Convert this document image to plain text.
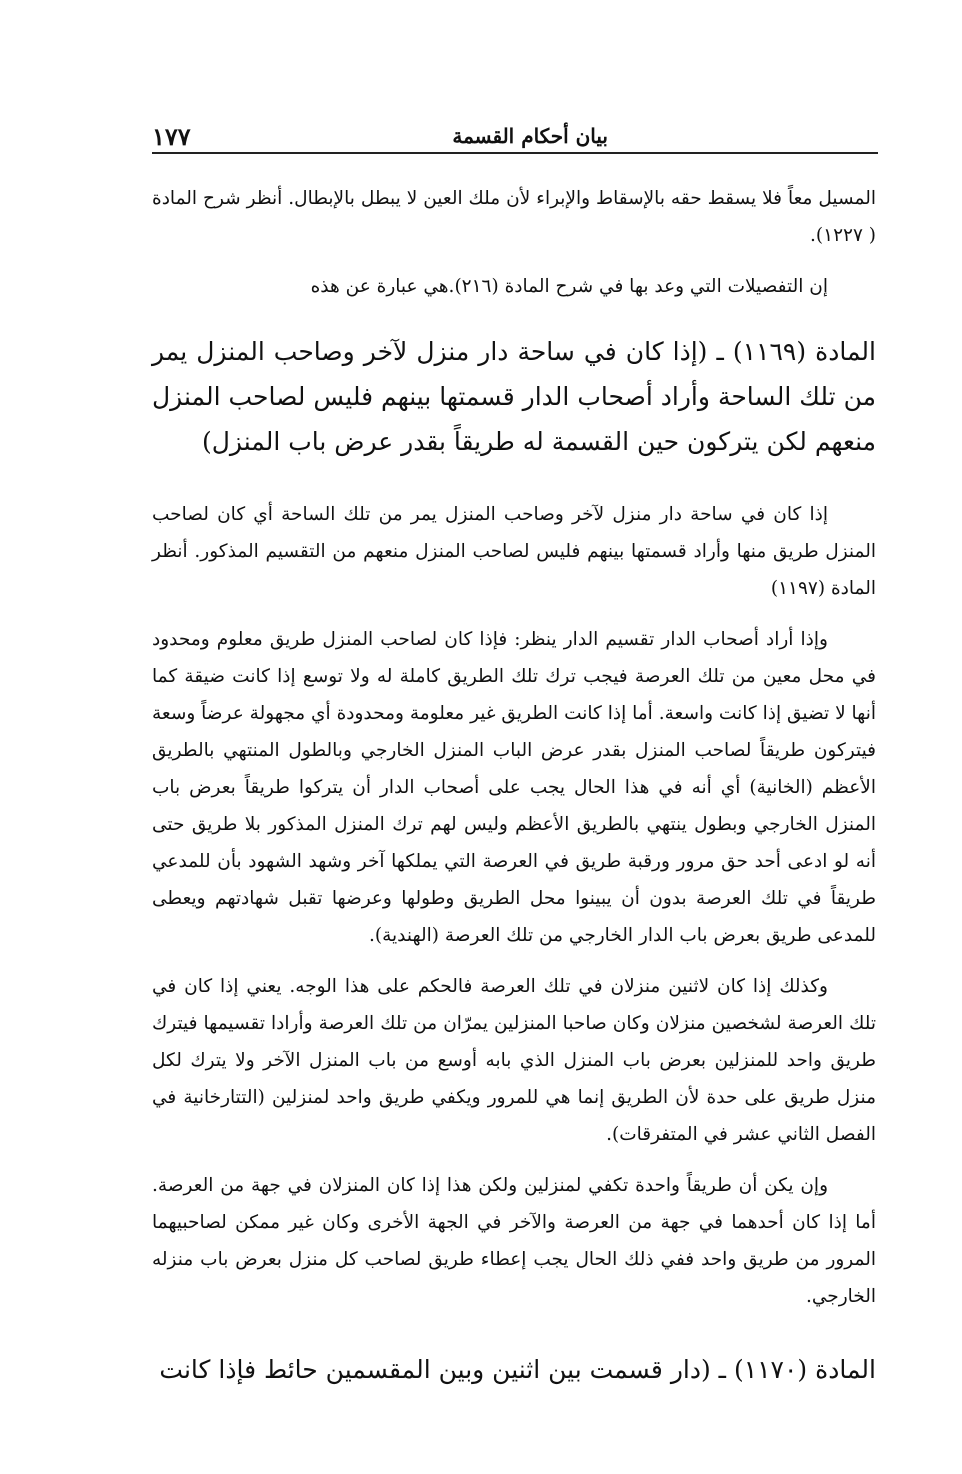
بيان أحكام القسمة
١٧٧

المسيل معاً فلا يسقط حقه بالإسقاط والإبراء لأن ملك العين لا يبطل بالإبطال. أنظر شرح المادة ( ١٢٢٧).

إن التفصيلات التي وعد بها في شرح المادة (٢١٦).هي عبارة عن هذه

المادة (١١٦٩) ـ (إذا كان في ساحة دار منزل لآخر وصاحب المنزل يمر من تلك الساحة وأراد أصحاب الدار قسمتها بينهم فليس لصاحب المنزل منعهم لكن يتركون حين القسمة له طريقاً بقدر عرض باب المنزل)

إذا كان في ساحة دار منزل لآخر وصاحب المنزل يمر من تلك الساحة أي كان لصاحب المنزل طريق منها وأراد قسمتها بينهم فليس لصاحب المنزل منعهم من التقسيم المذكور. أنظر المادة (١١٩٧)

وإذا أراد أصحاب الدار تقسيم الدار ينظر: فإذا كان لصاحب المنزل طريق معلوم ومحدود في محل معين من تلك العرصة فيجب ترك تلك الطريق كاملة له ولا توسع إذا كانت ضيقة كما أنها لا تضيق إذا كانت واسعة. أما إذا كانت الطريق غير معلومة ومحدودة أي مجهولة عرضاً وسعة فيتركون طريقاً لصاحب المنزل بقدر عرض الباب المنزل الخارجي وبالطول المنتهي بالطريق الأعظم (الخانية) أي أنه في هذا الحال يجب على أصحاب الدار أن يتركوا طريقاً بعرض باب المنزل الخارجي وبطول ينتهي بالطريق الأعظم وليس لهم ترك المنزل المذكور بلا طريق حتى أنه لو ادعى أحد حق مرور ورقبة طريق في العرصة التي يملكها آخر وشهد الشهود بأن للمدعي طريقاً في تلك العرصة بدون أن يبينوا محل الطريق وطولها وعرضها تقبل شهادتهم ويعطى للمدعى طريق بعرض باب الدار الخارجي من تلك العرصة (الهندية).

وكذلك إذا كان لاثنين منزلان في تلك العرصة فالحكم على هذا الوجه. يعني إذا كان في تلك العرصة لشخصين منزلان وكان صاحبا المنزلين يمرّان من تلك العرصة وأرادا تقسيمها فيترك طريق واحد للمنزلين بعرض باب المنزل الذي بابه أوسع من باب المنزل الآخر ولا يترك لكل منزل طريق على حدة لأن الطريق إنما هي للمرور ويكفي طريق واحد لمنزلين (التتارخانية في الفصل الثاني عشر في المتفرقات).

وإن يكن أن طريقاً واحدة تكفي لمنزلين ولكن هذا إذا كان المنزلان في جهة من العرصة. أما إذا كان أحدهما في جهة من العرصة والآخر في الجهة الأخرى وكان غير ممكن لصاحبيهما المرور من طريق واحد ففي ذلك الحال يجب إعطاء طريق لصاحب كل منزل بعرض باب منزله الخارجي.

المادة (١١٧٠) ـ (دار قسمت بين اثنين وبين المقسمين حائط فإذا كانت
